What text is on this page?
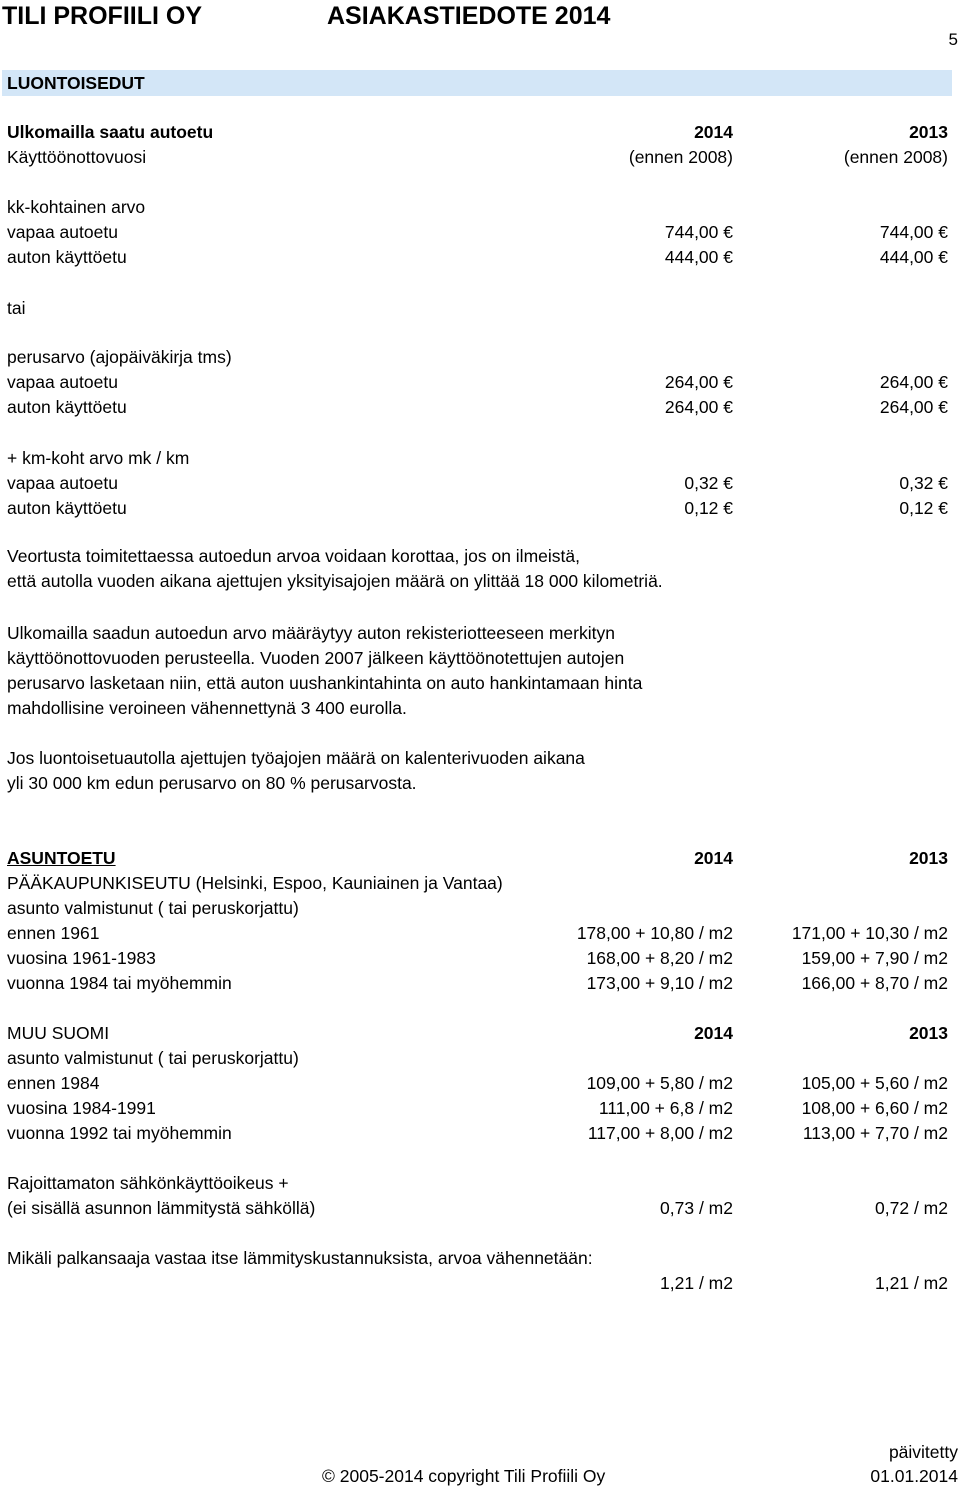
TILI PROFIILI OY	ASIAKASTIEDOTE 2014
5
LUONTOISEDUT
Ulkomailla saatu autoetu	2014	2013
Käyttöönottovuosi	(ennen 2008)	(ennen 2008)
kk-kohtainen arvo
vapaa autoetu	744,00 €	744,00 €
auton käyttöetu	444,00 €	444,00 €
tai
perusarvo (ajopäiväkirja tms)
vapaa autoetu	264,00 €	264,00 €
auton käyttöetu	264,00 €	264,00 €
+ km-koht arvo mk / km
vapaa autoetu	0,32 €	0,32 €
auton käyttöetu	0,12 €	0,12 €

Veortusta toimitettaessa autoedun arvoa voidaan korottaa, jos on ilmeistä,

että autolla vuoden aikana ajettujen yksityisajojen määrä on ylittää 18 000 kilometriä.

Ulkomailla saadun autoedun arvo määräytyy auton rekisteriotteeseen merkityn

käyttöönottovuoden perusteella. Vuoden 2007 jälkeen käyttöönotettujen autojen

perusarvo lasketaan niin, että auton uushankintahinta on auto hankintamaan hinta

mahdollisine veroineen vähennettynä 3 400 eurolla.

Jos luontoisetuautolla ajettujen työajojen määrä on kalenterivuoden aikana

yli 30 000 km edun perusarvo on 80 % perusarvosta.

ASUNTOETU	2014	2013
PÄÄKAUPUNKISEUTU (Helsinki, Espoo, Kauniainen ja Vantaa)
asunto valmistunut ( tai peruskorjattu)
ennen 1961	178,00 + 10,80 / m2	171,00 + 10,30 / m2
vuosina 1961-1983	168,00 + 8,20 / m2	159,00 + 7,90 / m2
vuonna 1984 tai myöhemmin	173,00 + 9,10 / m2	166,00 + 8,70 / m2
MUU SUOMI	2014	2013
asunto valmistunut ( tai peruskorjattu)
ennen 1984	109,00 + 5,80 / m2	105,00 + 5,60 / m2
vuosina 1984-1991	111,00 + 6,8 / m2	108,00 + 6,60 / m2
vuonna 1992 tai myöhemmin	117,00 + 8,00 / m2	113,00 + 7,70 / m2
Rajoittamaton sähkönkäyttöoikeus +
(ei sisällä asunnon lämmitystä sähköllä)	0,73 / m2	0,72 / m2
Mikäli palkansaaja vastaa itse lämmityskustannuksista, arvoa vähennetään:
1,21 / m2	1,21 / m2
päivitetty
© 2005-2014 copyright Tili Profiili Oy	01.01.2014
